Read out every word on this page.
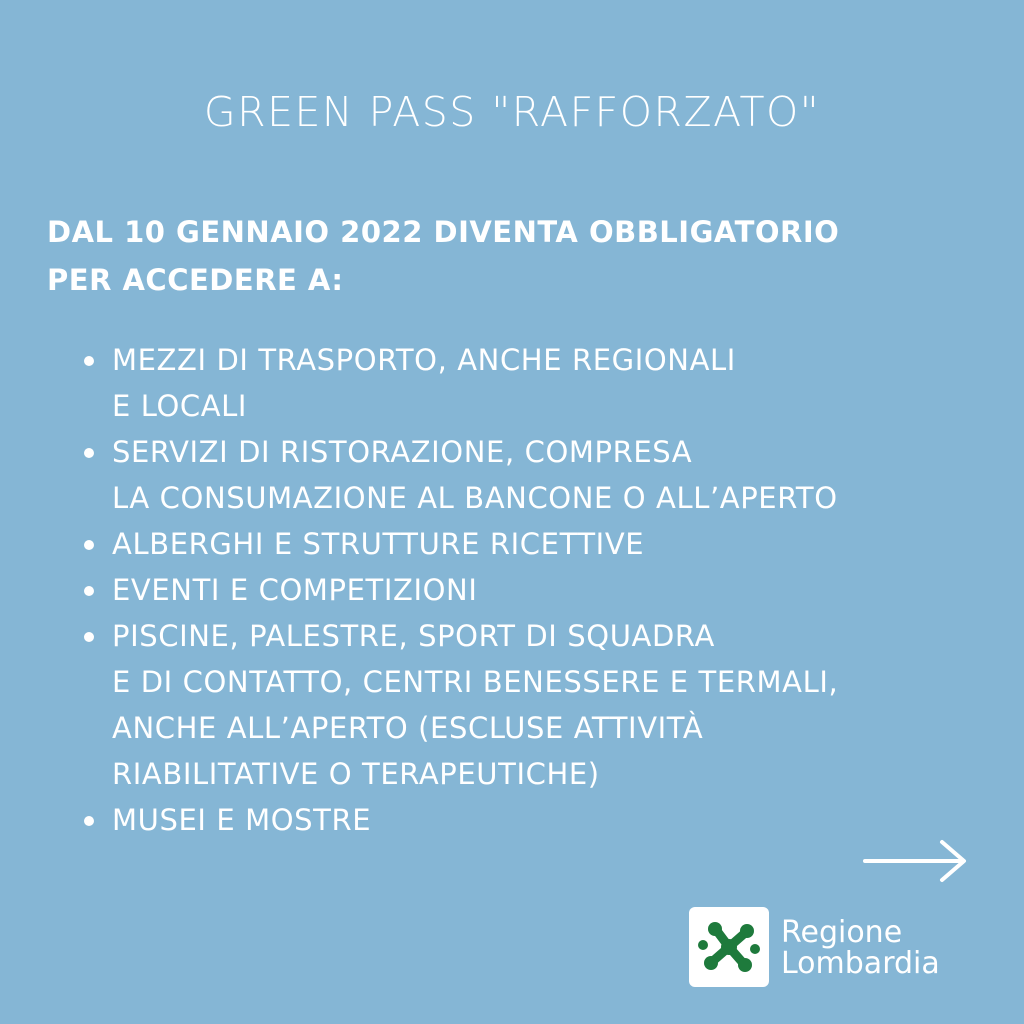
GREEN PASS "RAFFORZATO"
DAL 10 GENNAIO 2022 DIVENTA OBBLIGATORIO
PER ACCEDERE A:
MEZZI DI TRASPORTO, ANCHE REGIONALI
E LOCALI
SERVIZI DI RISTORAZIONE, COMPRESA
LA CONSUMAZIONE AL BANCONE O ALL’APERTO
ALBERGHI E STRUTTURE RICETTIVE
EVENTI E COMPETIZIONI
PISCINE, PALESTRE, SPORT DI SQUADRA
E DI CONTATTO, CENTRI BENESSERE E TERMALI,
ANCHE ALL’APERTO (ESCLUSE ATTIVITÀ
RIABILITATIVE O TERAPEUTICHE)
MUSEI E MOSTRE
Regione
Lombardia
